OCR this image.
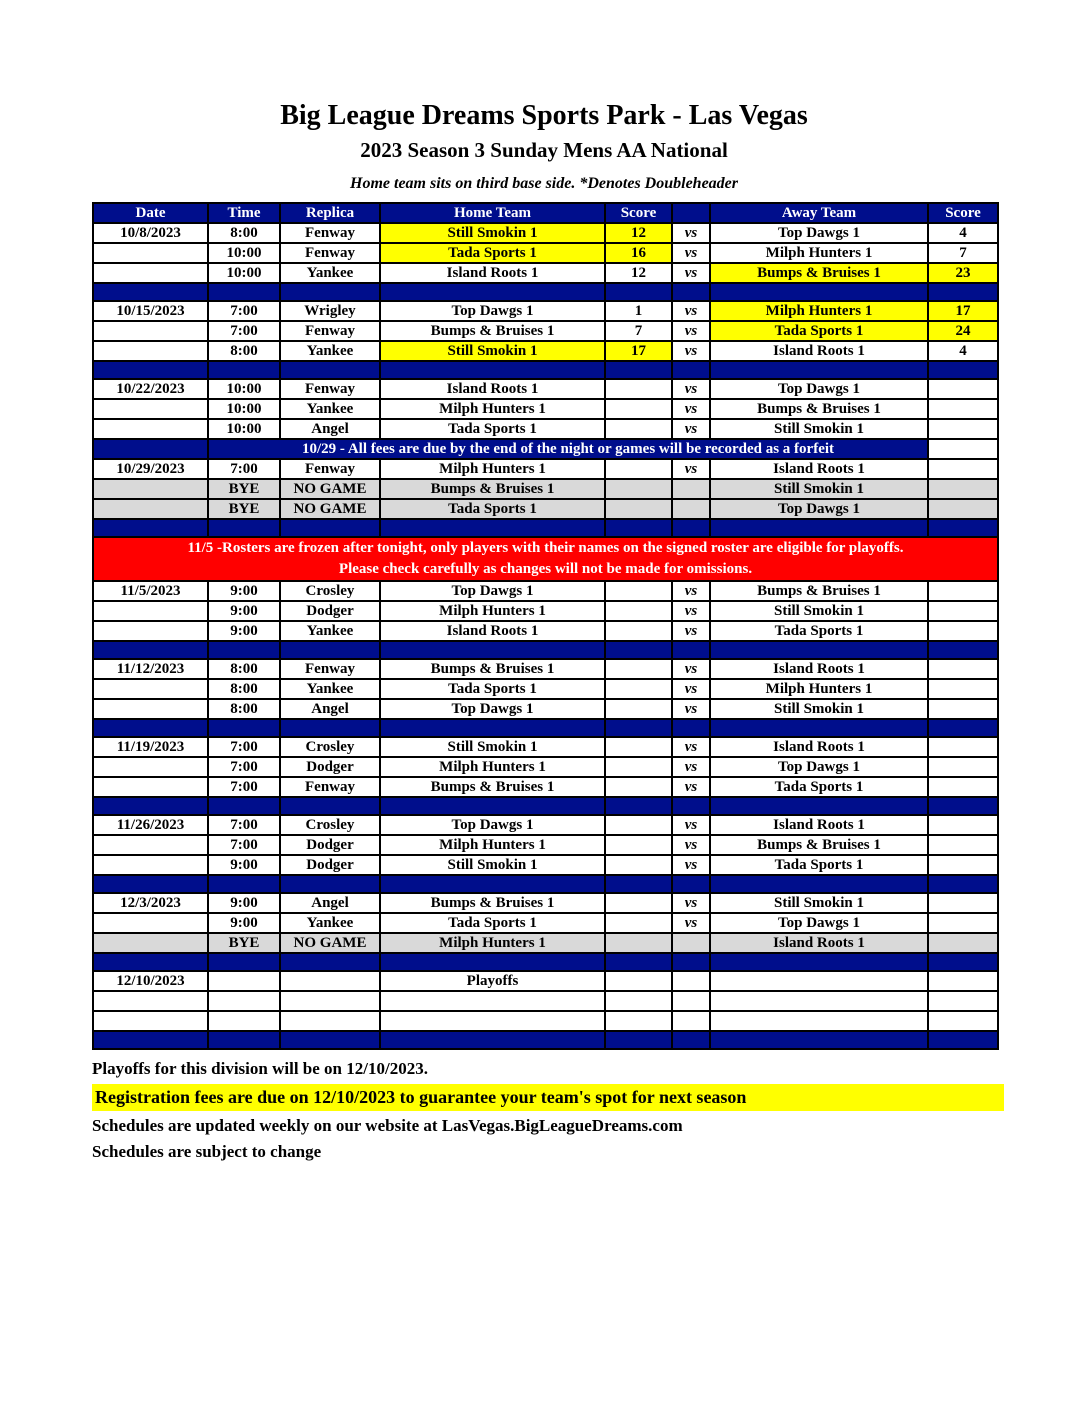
Big League Dreams Sports Park - Las Vegas
2023 Season 3 Sunday Mens AA National
Home team sits on third base side. *Denotes Doubleheader
Date	Time	Replica	Home Team	Score		Away Team	Score
10/8/2023	8:00	Fenway	Still Smokin 1	12	vs	Top Dawgs 1	4
	10:00	Fenway	Tada Sports 1	16	vs	Milph Hunters 1	7
	10:00	Yankee	Island Roots 1	12	vs	Bumps & Bruises 1	23

10/15/2023	7:00	Wrigley	Top Dawgs 1	1	vs	Milph Hunters 1	17
	7:00	Fenway	Bumps & Bruises 1	7	vs	Tada Sports 1	24
	8:00	Yankee	Still Smokin 1	17	vs	Island Roots 1	4

10/22/2023	10:00	Fenway	Island Roots 1		vs	Top Dawgs 1	
	10:00	Yankee	Milph Hunters 1		vs	Bumps & Bruises 1	
	10:00	Angel	Tada Sports 1		vs	Still Smokin 1	
	10/29 - All fees are due by the end of the night or games will be recorded as a forfeit						
10/29/2023	7:00	Fenway	Milph Hunters 1		vs	Island Roots 1	
	BYE	NO GAME	Bumps & Bruises 1			Still Smokin 1	
	BYE	NO GAME	Tada Sports 1			Top Dawgs 1	

11/5 -Rosters are frozen after tonight, only players with their names on the signed roster are eligible for playoffs.
Please check carefully as changes will not be made for omissions.							

11/5/2023	9:00	Crosley	Top Dawgs 1		vs	Bumps & Bruises 1	
	9:00	Dodger	Milph Hunters 1		vs	Still Smokin 1	
	9:00	Yankee	Island Roots 1		vs	Tada Sports 1	

11/12/2023	8:00	Fenway	Bumps & Bruises 1		vs	Island Roots 1	
	8:00	Yankee	Tada Sports 1		vs	Milph Hunters 1	
	8:00	Angel	Top Dawgs 1		vs	Still Smokin 1	

11/19/2023	7:00	Crosley	Still Smokin 1		vs	Island Roots 1	
	7:00	Dodger	Milph Hunters 1		vs	Top Dawgs 1	
	7:00	Fenway	Bumps & Bruises 1		vs	Tada Sports 1	

11/26/2023	7:00	Crosley	Top Dawgs 1		vs	Island Roots 1	
	7:00	Dodger	Milph Hunters 1		vs	Bumps & Bruises 1	
	9:00	Dodger	Still Smokin 1		vs	Tada Sports 1	

12/3/2023	9:00	Angel	Bumps & Bruises 1		vs	Still Smokin 1	
	9:00	Yankee	Tada Sports 1		vs	Top Dawgs 1	
	BYE	NO GAME	Milph Hunters 1			Island Roots 1	

12/10/2023			Playoffs				

Playoffs for this division will be on 12/10/2023.
Registration fees are due on 12/10/2023 to guarantee your team's spot for next season
Schedules are updated weekly on our website at LasVegas.BigLeagueDreams.com
Schedules are subject to change
